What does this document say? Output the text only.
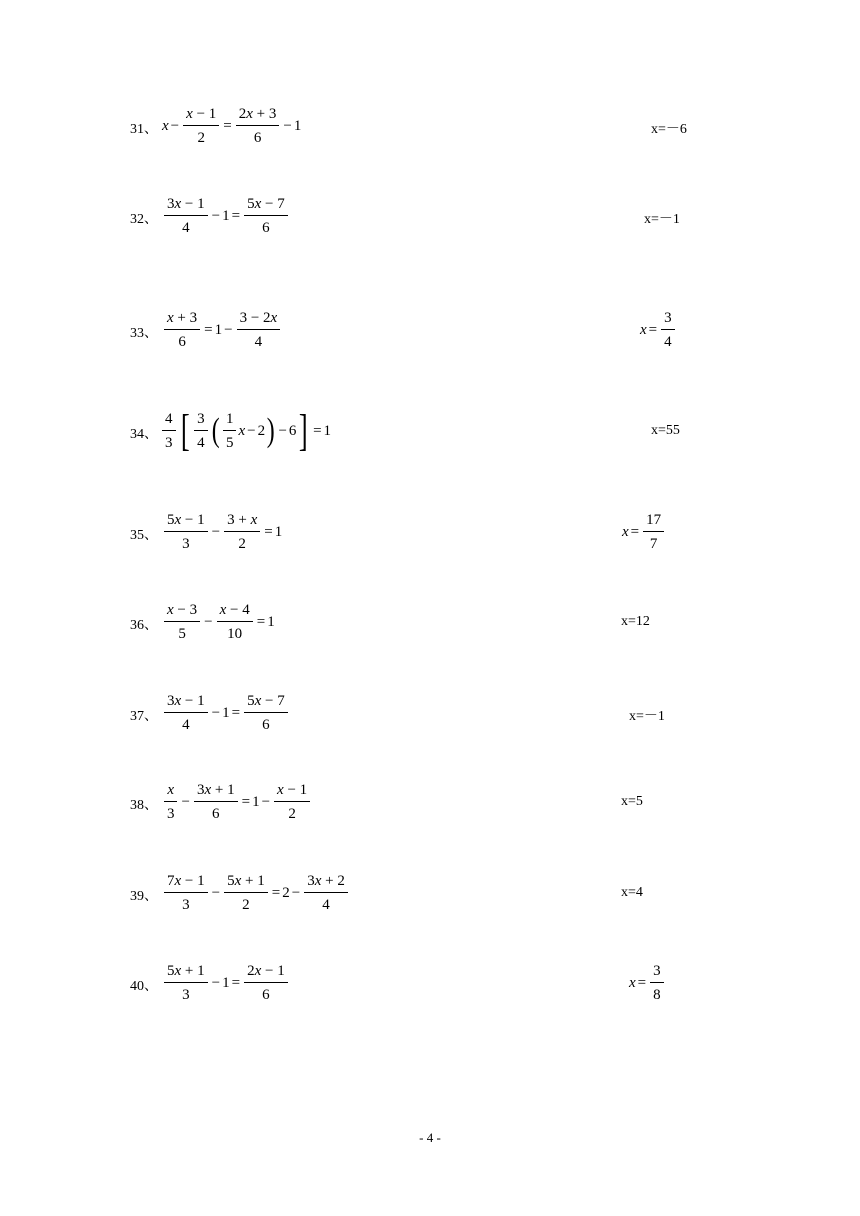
31、 $x - \frac{x - 1}{2} = \frac{2x + 3}{6} - 1$	x=－6
32、 $\frac{3x - 1}{4} - 1 = \frac{5x - 7}{6}$	x=－1
33、 $\frac{x + 3}{6} = 1 - \frac{3 - 2x}{4}$	$x = \frac{3}{4}$
34、 $\frac{4}{3}$ [ $\frac{3}{4}$ ( $\frac{1}{5}$ x − 2 ) − 6 ] = 1	x=55
35、 $\frac{5x - 1}{3} - \frac{3 + x}{2} = 1$	$x = \frac{17}{7}$
36、 $\frac{x - 3}{5} - \frac{x - 4}{10} = 1$	x=12
37、 $\frac{3x - 1}{4} - 1 = \frac{5x - 7}{6}$	x=－1
38、 $\frac{x}{3} - \frac{3x + 1}{6} = 1 - \frac{x - 1}{2}$	x=5
39、 $\frac{7x - 1}{3} - \frac{5x + 1}{2} = 2 - \frac{3x + 2}{4}$	x=4
40、 $\frac{5x + 1}{3} - 1 = \frac{2x - 1}{6}$	$x = \frac{3}{8}$
- 4 -
